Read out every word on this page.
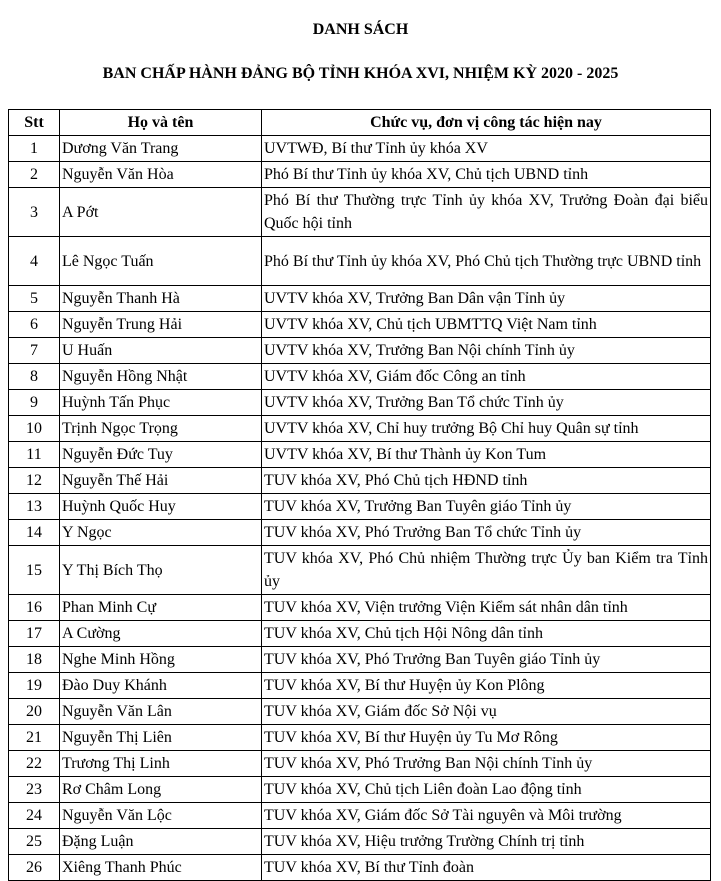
DANH SÁCH
BAN CHẤP HÀNH ĐẢNG BỘ TỈNH KHÓA XVI, NHIỆM KỲ 2020 - 2025
Stt	Họ và tên	Chức vụ, đơn vị công tác hiện nay
1	Dương Văn Trang	UVTWĐ, Bí thư Tỉnh ủy khóa XV
2	Nguyễn Văn Hòa	Phó Bí thư Tỉnh ủy khóa XV, Chủ tịch UBND tỉnh
3	A Pớt	Phó Bí thư Thường trực Tỉnh ủy khóa XV, Trưởng Đoàn đại biểu Quốc hội tỉnh
4	Lê Ngọc Tuấn	Phó Bí thư Tỉnh ủy khóa XV, Phó Chủ tịch Thường trực UBND tỉnh
5	Nguyễn Thanh Hà	UVTV khóa XV, Trưởng Ban Dân vận Tỉnh ủy
6	Nguyễn Trung Hải	UVTV khóa XV, Chủ tịch UBMTTQ Việt Nam tỉnh
7	U Huấn	UVTV khóa XV, Trưởng Ban Nội chính Tỉnh ủy
8	Nguyễn Hồng Nhật	UVTV khóa XV, Giám đốc Công an tỉnh
9	Huỳnh Tấn Phục	UVTV khóa XV, Trưởng Ban Tổ chức Tỉnh ủy
10	Trịnh Ngọc Trọng	UVTV khóa XV, Chỉ huy trưởng Bộ Chỉ huy Quân sự tỉnh
11	Nguyễn Đức Tuy	UVTV khóa XV, Bí thư Thành ủy Kon Tum
12	Nguyễn Thế Hải	TUV khóa XV, Phó Chủ tịch HĐND tỉnh
13	Huỳnh Quốc Huy	TUV khóa XV, Trưởng Ban Tuyên giáo Tỉnh ủy
14	Y Ngọc	TUV khóa XV, Phó Trưởng Ban Tổ chức Tỉnh ủy
15	Y Thị Bích Thọ	TUV khóa XV, Phó Chủ nhiệm Thường trực Ủy ban Kiểm tra Tỉnh ủy
16	Phan Minh Cự	TUV khóa XV, Viện trưởng Viện Kiểm sát nhân dân tỉnh
17	A Cường	TUV khóa XV, Chủ tịch Hội Nông dân tỉnh
18	Nghe Minh Hồng	TUV khóa XV, Phó Trưởng Ban Tuyên giáo Tỉnh ủy
19	Đào Duy Khánh	TUV khóa XV, Bí thư Huyện ủy Kon Plông
20	Nguyễn Văn Lân	TUV khóa XV, Giám đốc Sở Nội vụ
21	Nguyễn Thị Liên	TUV khóa XV, Bí thư Huyện ủy Tu Mơ Rông
22	Trương Thị Linh	TUV khóa XV, Phó Trưởng Ban Nội chính Tỉnh ủy
23	Rơ Châm Long	TUV khóa XV, Chủ tịch Liên đoàn Lao động tỉnh
24	Nguyễn Văn Lộc	TUV khóa XV, Giám đốc Sở Tài nguyên và Môi trường
25	Đặng Luận	TUV khóa XV, Hiệu trưởng Trường Chính trị tỉnh
26	Xiêng Thanh Phúc	TUV khóa XV, Bí thư Tỉnh đoàn
